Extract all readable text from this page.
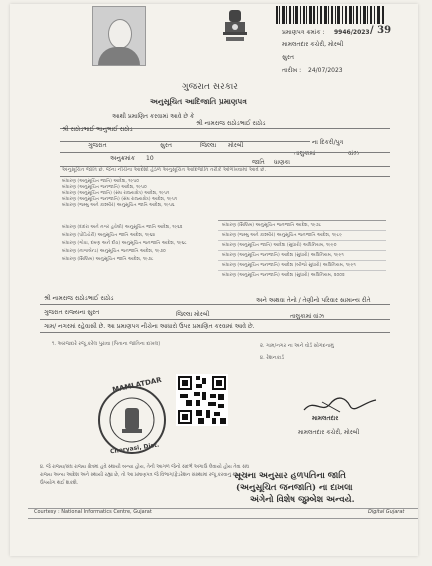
પ્રમાણપત્ર ક્રમાંક : 9946/2023 / 39
મામલતદાર કચેરી, મોરબી
સુરત
તારીખ : 24/07/2023
ગુજરાત સરકાર
અનુસૂચિત આદિજાતિ પ્રમાણપત્ર
આથી પ્રમાણિત કરવામાં આવે છે કે
શ્રી નામરાજ રાઠોડભાઈ રાઠોડ
શ્રી રાઠોડભાઈ ભાનુભાઈ રાઠોડ
ના દિકરી/પુત્ર
ગુજરાત	સુરત	જિલ્લા મોરબી
તાલુકામાં	વાંઝ
અનુક્રમાંક 10
જાતિ ધાણકા
અનુસૂચિત જાતિ છે. જેના નીચેના આદેશો હેઠળ અનુસૂચિત આદિજાતિ તરીકે ઓળખવામાં આવે છે.
બંધારણ (અનુસૂચિત જાતિ) આદેશ, ૧૯૫૦
બંધારણ (અનુસૂચિત જનજાતિ) આદેશ, ૧૯૫૦
બંધારણ (અનુસૂચિત જાતિ) (સંઘ રાજ્યક્ષેત્ર) આદેશ, ૧૯૫૧
બંધારણ (અનુસૂચિત જનજાતિ) (સંઘ રાજ્યક્ષેત્ર) આદેશ, ૧૯૫૧
બંધારણ (જમ્મુ અને કાશ્મીર) અનુસૂચિત જાતિ આદેશ, ૧૯૫૬
બંધારણ (દાદરા અને નગર હવેલી) અનુસૂચિત જાતિ આદેશ, ૧૯૬૨
બંધારણ (પોંડિચેરી) અનુસૂચિત જાતિ આદેશ, ૧૯૬૪
બંધારણ (ગોવા, દમણ અને દીવ) અનુસૂચિત જનજાતિ આદેશ, ૧૯૬૮
બંધારણ (નાગાલેન્ડ) અનુસૂચિત જનજાતિ આદેશ, ૧૯૭૦
બંધારણ (સિક્કિમ) અનુસૂચિત જાતિ આદેશ, ૧૯૭૮
બંધારણ (સિક્કિમ) અનુસૂચિત જનજાતિ આદેશ, ૧૯૭૮
બંધારણ (જમ્મુ અને કાશ્મીર) અનુસૂચિત જનજાતિ આદેશ, ૧૯૮૯
બંધારણ (અનુસૂચિત જાતિ) આદેશ (સુધારો) અધિનિયમ, ૧૯૯૦
બંધારણ (અનુસૂચિત જનજાતિ) આદેશ (સુધારો) અધિનિયમ, ૧૯૯૧
બંધારણ (અનુસૂચિત જનજાતિ) આદેશ (બીજો સુધારો) અધિનિયમ, ૧૯૯૧
બંધારણ (અનુસૂચિત જનજાતિ) આદેશ (સુધારો) અધિનિયમ, ૨૦૦૨
શ્રી નામરાજ રાઠોડભાઈ રાઠોડ	અને અથવા તેનો / તેણીનો પરિવાર સામાન્ય રીતે
ગુજરાત રાજ્યના સુરત	જિલ્લા મોરબી	તાલુકામાં વાંઝ
ગામ/ નગરમાં રહેવાસી છે. આ પ્રમાણપત્ર નીચેના આધારો ઉપર પ્રમાણિત કરવામાં આવે છે.
૧. અરજદારે રજૂ કરેલ પુરાવા (પિતાના જાતિના દાખલ)	૨. ગામ/નગર ના અને વોર્ડ સોગંદનામું
૪. રેશનકાર્ડ
MAMLATDAR
Choryasi, Dist.
મામલતદાર
મામલતદાર કચેરી, મોરબી
૪. જે રાજ્ય/સંઘ રાજ્ય ક્ષેત્રમાં હવે સ્થાયી બન્યા હોય, તેની આગળ જેનો સંદર્ભ અગાઉ લેવાયો હોય તેવા સંઘ
રાજ્ય અન્ય આદેશ અને સ્થાયી રહ્યા છે, તો આ પ્રમાણપત્ર જે વિભાગ/ફેડરેશન સંસ્થામાં રજૂ કરવાનું થાય ત્યાં
ઉપયોગ થઈ શકશે.
સૂચના અનુસાર હળપતિના જાતિ
(અનુસૂચિત જનજાતિ) ના દાખલા
અંગેનો વિશેષ જુમ્બેશ અન્વયે.
Courtesy : National Informatics Centre, Gujarat	Digital Gujarat
